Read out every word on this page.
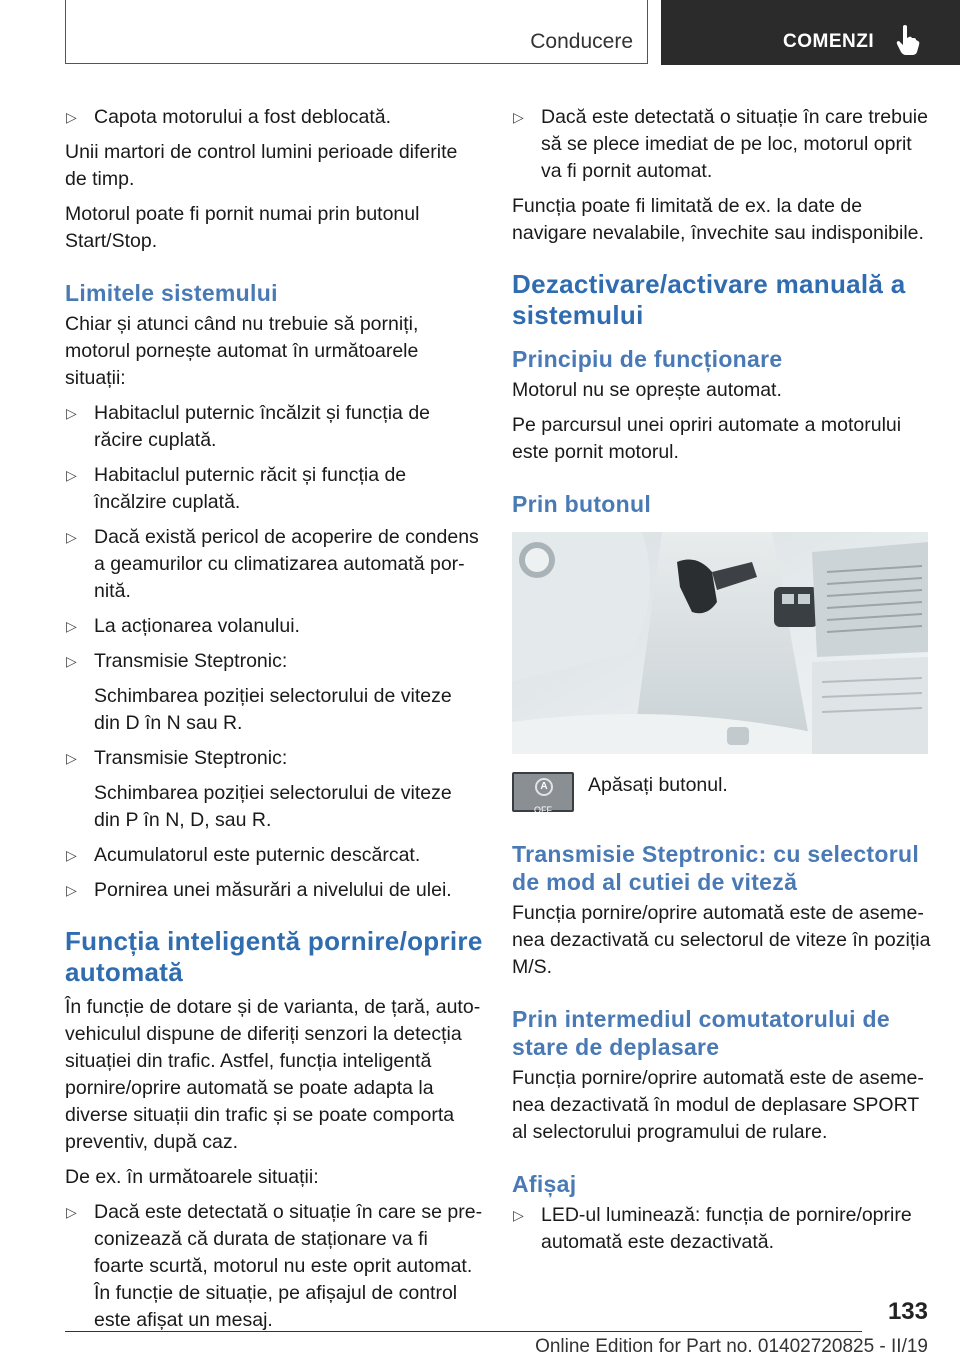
Conducere	COMENZI
▷ Capota motorului a fost deblocată.

Unii martori de control lumini perioade diferite de timp.

Motorul poate fi pornit numai prin butonul Start/Stop.

Limitele sistemului

Chiar și atunci când nu trebuie să porniți, motorul pornește automat în următoarele situații:

▷ Habitaclul puternic încălzit și funcția de răcire cuplată.
▷ Habitaclul puternic răcit și funcția de încălzire cuplată.
▷ Dacă există pericol de acoperire de condens a geamurilor cu climatizarea automată pornită.
▷ La acționarea volanului.
▷ Transmisie Steptronic:
Schimbarea poziției selectorului de viteze din D în N sau R.
▷ Transmisie Steptronic:
Schimbarea poziției selectorului de viteze din P în N, D, sau R.
▷ Acumulatorul este puternic descărcat.
▷ Pornirea unei măsurări a nivelului de ulei.
Funcția inteligentă pornire/oprire automată

În funcție de dotare și de varianta, de țară, autovehiculul dispune de diferiți senzori la detecția situației din trafic. Astfel, funcția inteligentă pornire/oprire automată se poate adapta la diverse situații din trafic și se poate comporta preventiv, după caz.

De ex. în următoarele situații:

▷ Dacă este detectată o situație în care se preconizează că durata de staționare va fi foarte scurtă, motorul nu este oprit automat. În funcție de situație, pe afișajul de control este afișat un mesaj.
▷ Dacă este detectată o situație în care trebuie să se plece imediat de pe loc, motorul oprit va fi pornit automat.

Funcția poate fi limitată de ex. la date de navigare nevalabile, învechite sau indisponibile.

Dezactivare/activare manuală a sistemului
Principiu de funcționare

Motorul nu se oprește automat.

Pe parcursul unei opriri automate a motorului este pornit motorul.

Prin butonul
A
OFF
Apăsați butonul.
Transmisie Steptronic: cu selectorul de mod al cutiei de viteză

Funcția pornire/oprire automată este de asemenea dezactivată cu selectorul de viteze în poziția M/S.

Prin intermediul comutatorului de stare de deplasare

Funcția pornire/oprire automată este de asemenea dezactivată în modul de deplasare SPORT al selectorului programului de rulare.

Afișaj
▷ LED-ul luminează: funcția de pornire/oprire automată este dezactivată.
133
Online Edition for Part no. 01402720825 - II/19
